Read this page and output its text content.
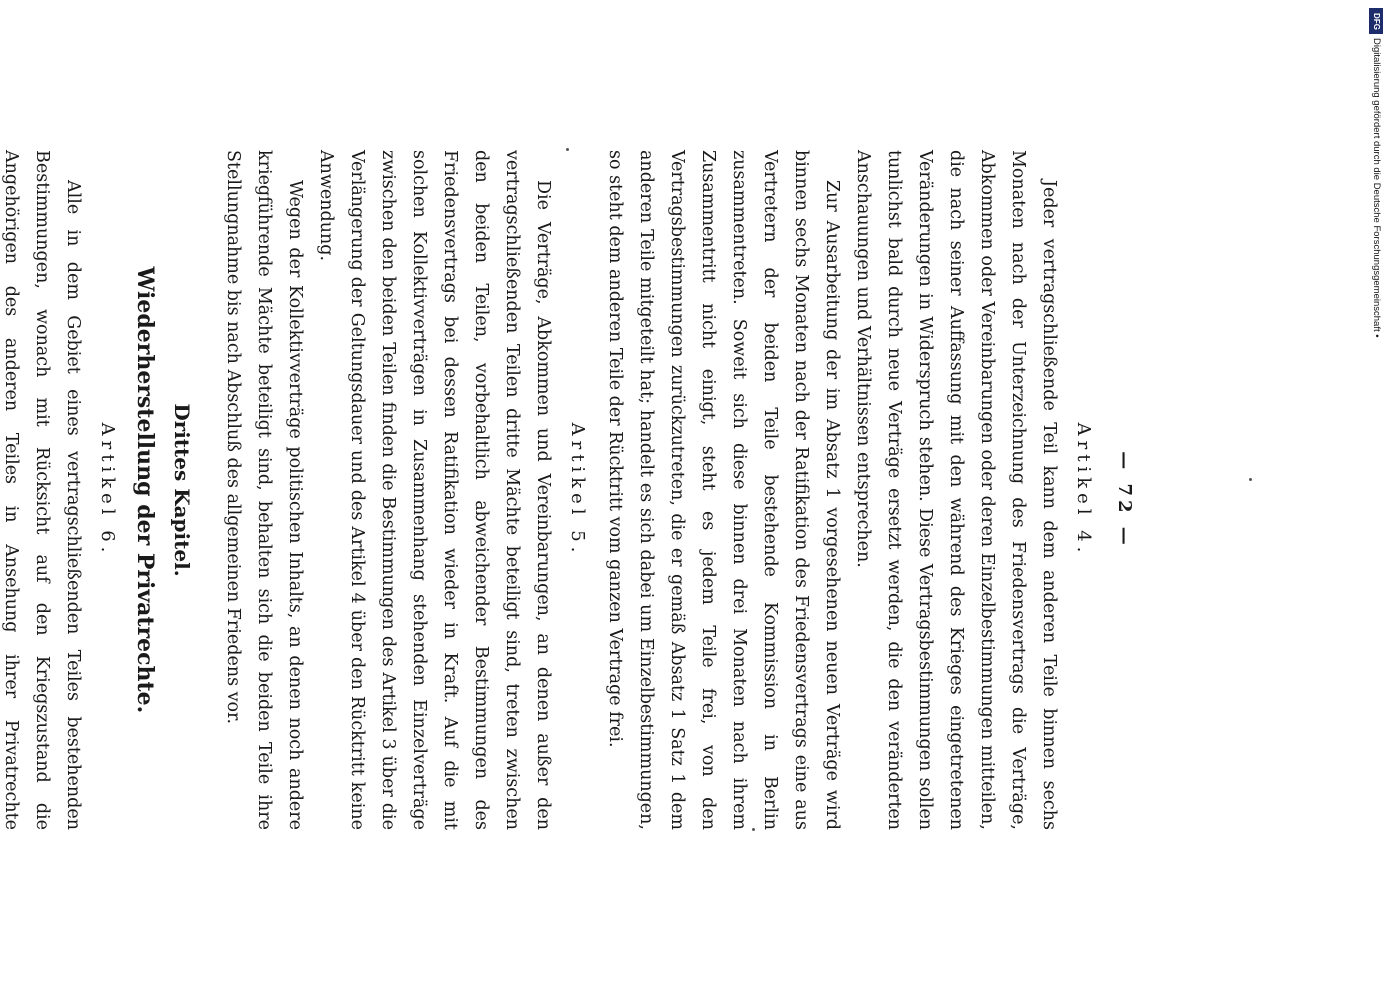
— 72 —
Artikel 4.

Jeder vertragschließende Teil kann dem anderen Teile binnen sechs Monaten nach der Unterzeichnung des Friedensvertrags die Verträge, Abkommen oder Vereinbarungen oder deren Einzelbestimmungen mitteilen, die nach seiner Auffassung mit den während des Krieges eingetretenen Veränderungen in Widerspruch stehen. Diese Vertragsbestimmungen sollen tunlichst bald durch neue Verträge ersetzt werden, die den veränderten Anschauungen und Verhältnissen entsprechen.

Zur Ausarbeitung der im Absatz 1 vorgesehenen neuen Verträge wird binnen sechs Monaten nach der Ratifikation des Friedensvertrags eine aus Vertretern der beiden Teile bestehende Kommission in Berlin zusammentreten. Soweit sich diese binnen drei Monaten nach ihrem Zusammentritt nicht einigt, steht es jedem Teile frei, von den Vertragsbestimmungen zurückzutreten, die er gemäß Absatz 1 Satz 1 dem anderen Teile mitgeteilt hat; handelt es sich dabei um Einzelbestimmungen, so steht dem anderen Teile der Rücktritt vom ganzen Vertrage frei.

Artikel 5.

Die Verträge, Abkommen und Vereinbarungen, an denen außer den vertragschließenden Teilen dritte Mächte beteiligt sind, treten zwischen den beiden Teilen, vorbehaltlich abweichender Bestimmungen des Friedensvertrags bei dessen Ratifikation wieder in Kraft. Auf die mit solchen Kollektivverträgen in Zusammenhang stehenden Einzelverträge zwischen den beiden Teilen finden die Bestimmungen des Artikel 3 über die Verlängerung der Geltungsdauer und des Artikel 4 über den Rücktritt keine Anwendung.

Wegen der Kollektivverträge politischen Inhalts, an denen noch andere kriegführende Mächte beteiligt sind, behalten sich die beiden Teile ihre Stellungnahme bis nach Abschluß des allgemeinen Friedens vor.

Drittes Kapitel.
Wiederherstellung der Privatrechte.
Artikel 6.

Alle in dem Gebiet eines vertragschließenden Teiles bestehenden Bestimmungen, wonach mit Rücksicht auf den Kriegszustand die Angehörigen des anderen Teiles in Ansehung ihrer Privatrechte

DFG
Digitalisierung gefördert durch die Deutsche Forschungsgemeinschaft •
